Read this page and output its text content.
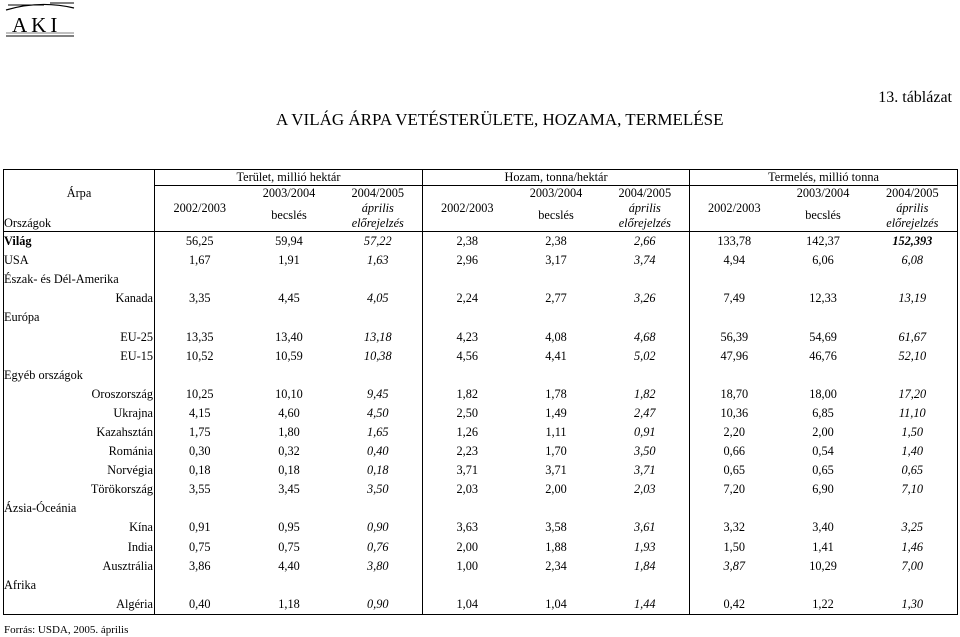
AKI
13. táblázat
A VILÁG ÁRPA VETÉSTERÜLETE, HOZAMA, TERMELÉSE
	Terület, millió hektár			Hozam, tonna/hektár			Termelés, millió tonna		
Árpa		2003/2004	2004/2005		2003/2004	2004/2005		2003/2004	2004/2005
	2002/2003		április	2002/2003		április	2002/2003		április
Országok		becslés	előrejelzés		becslés	előrejelzés		becslés	előrejelzés
Világ	56,25	59,94	57,22	2,38	2,38	2,66	133,78	142,37	152,393
USA	1,67	1,91	1,63	2,96	3,17	3,74	4,94	6,06	6,08
Észak- és Dél-Amerika									
Kanada	3,35	4,45	4,05	2,24	2,77	3,26	7,49	12,33	13,19
Európa									
EU-25	13,35	13,40	13,18	4,23	4,08	4,68	56,39	54,69	61,67
EU-15	10,52	10,59	10,38	4,56	4,41	5,02	47,96	46,76	52,10
Egyéb országok									
Oroszország	10,25	10,10	9,45	1,82	1,78	1,82	18,70	18,00	17,20
Ukrajna	4,15	4,60	4,50	2,50	1,49	2,47	10,36	6,85	11,10
Kazahsztán	1,75	1,80	1,65	1,26	1,11	0,91	2,20	2,00	1,50
Románia	0,30	0,32	0,40	2,23	1,70	3,50	0,66	0,54	1,40
Norvégia	0,18	0,18	0,18	3,71	3,71	3,71	0,65	0,65	0,65
Törökország	3,55	3,45	3,50	2,03	2,00	2,03	7,20	6,90	7,10
Ázsia-Óceánia									
Kína	0,91	0,95	0,90	3,63	3,58	3,61	3,32	3,40	3,25
India	0,75	0,75	0,76	2,00	1,88	1,93	1,50	1,41	1,46
Ausztrália	3,86	4,40	3,80	1,00	2,34	1,84	3,87	10,29	7,00
Afrika									
Algéria	0,40	1,18	0,90	1,04	1,04	1,44	0,42	1,22	1,30
Forrás: USDA, 2005. április
